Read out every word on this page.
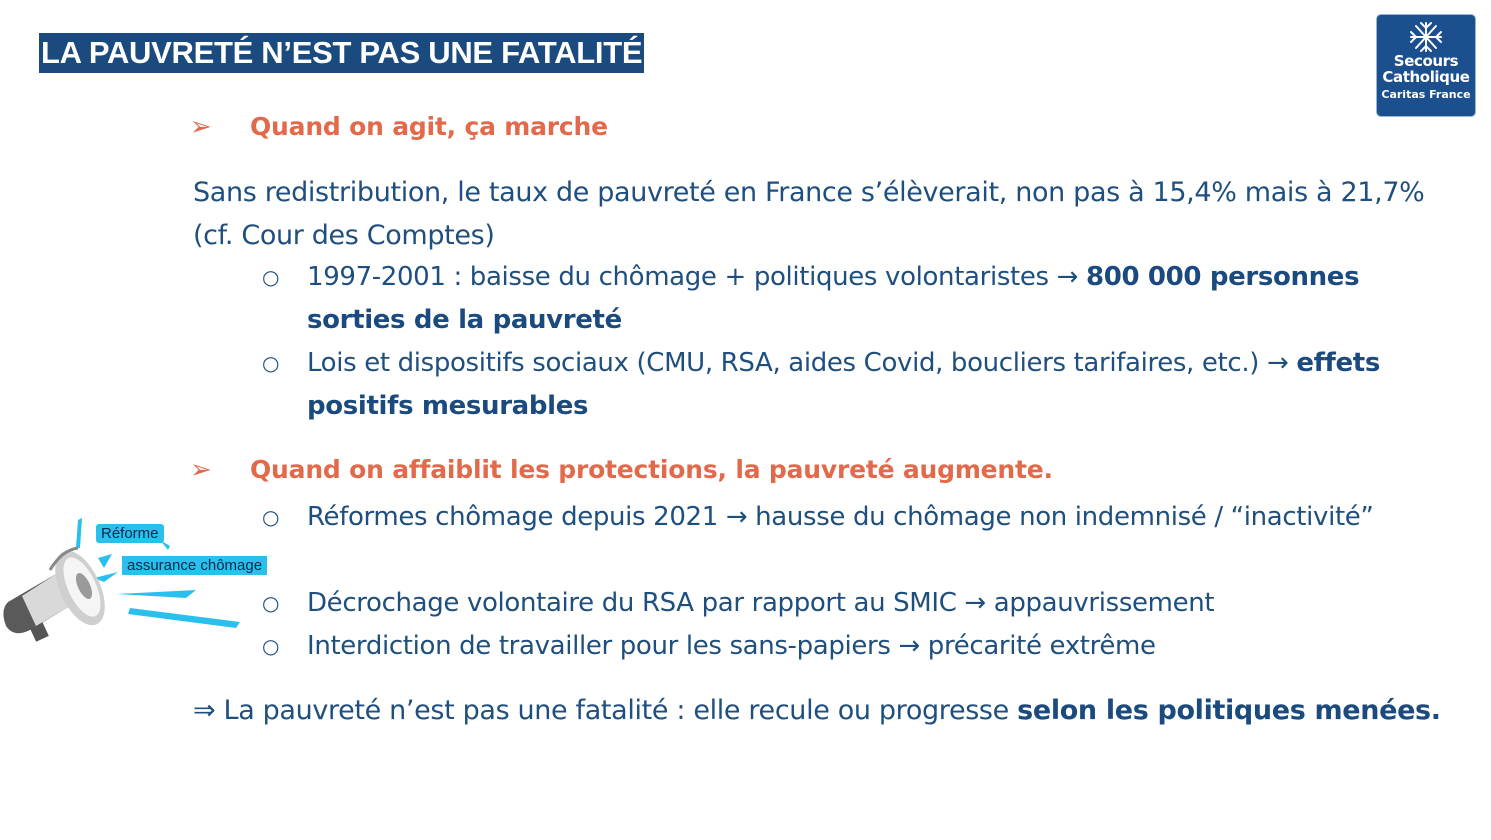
LA PAUVRETÉ N’EST PAS UNE FATALITÉ	Secours
Catholique
Caritas France
➢ Quand on agit, ça marche
Sans redistribution, le taux de pauvreté en France s’élèverait, non pas à 15,4% mais à 21,7% (cf. Cour des Comptes)
○ 1997-2001 : baisse du chômage + politiques volontaristes → 800 000 personnes sorties de la pauvreté
○ Lois et dispositifs sociaux (CMU, RSA, aides Covid, boucliers tarifaires, etc.) → effets positifs mesurables
➢ Quand on affaiblit les protections, la pauvreté augmente.
○ Réformes chômage depuis 2021 → hausse du chômage non indemnisé / “inactivité”
○ Décrochage volontaire du RSA par rapport au SMIC → appauvrissement
○ Interdiction de travailler pour les sans-papiers → précarité extrême
⇒ La pauvreté n’est pas une fatalité : elle recule ou progresse selon les politiques menées.
Réforme
assurance chômage
